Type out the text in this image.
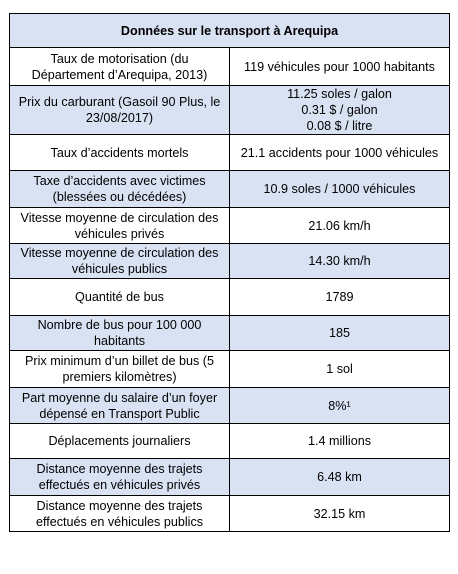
Données sur le transport à Arequipa	
Taux de motorisation (du Département d’Arequipa, 2013)	119 véhicules pour 1000 habitants

Prix du carburant (Gasoil 90 Plus, le 23/08/2017)	11.25 soles / galon
0.31 $ / galon
0.08 $ / litre

Taux d’accidents mortels	21.1 accidents pour 1000 véhicules

Taxe d’accidents avec victimes (blessées ou décédées)	10.9 soles / 1000 véhicules

Vitesse moyenne de circulation des véhicules privés	21.06 km/h

Vitesse moyenne de circulation des véhicules publics	14.30 km/h

Quantité de bus	1789

Nombre de bus pour 100 000 habitants	185

Prix minimum d’un billet de bus (5 premiers kilomètres)	1 sol

Part moyenne du salaire d’un foyer dépensé en Transport Public	8%¹

Déplacements journaliers	1.4 millions

Distance moyenne des trajets effectués en véhicules privés	6.48 km

Distance moyenne des trajets effectués en véhicules publics	32.15 km
